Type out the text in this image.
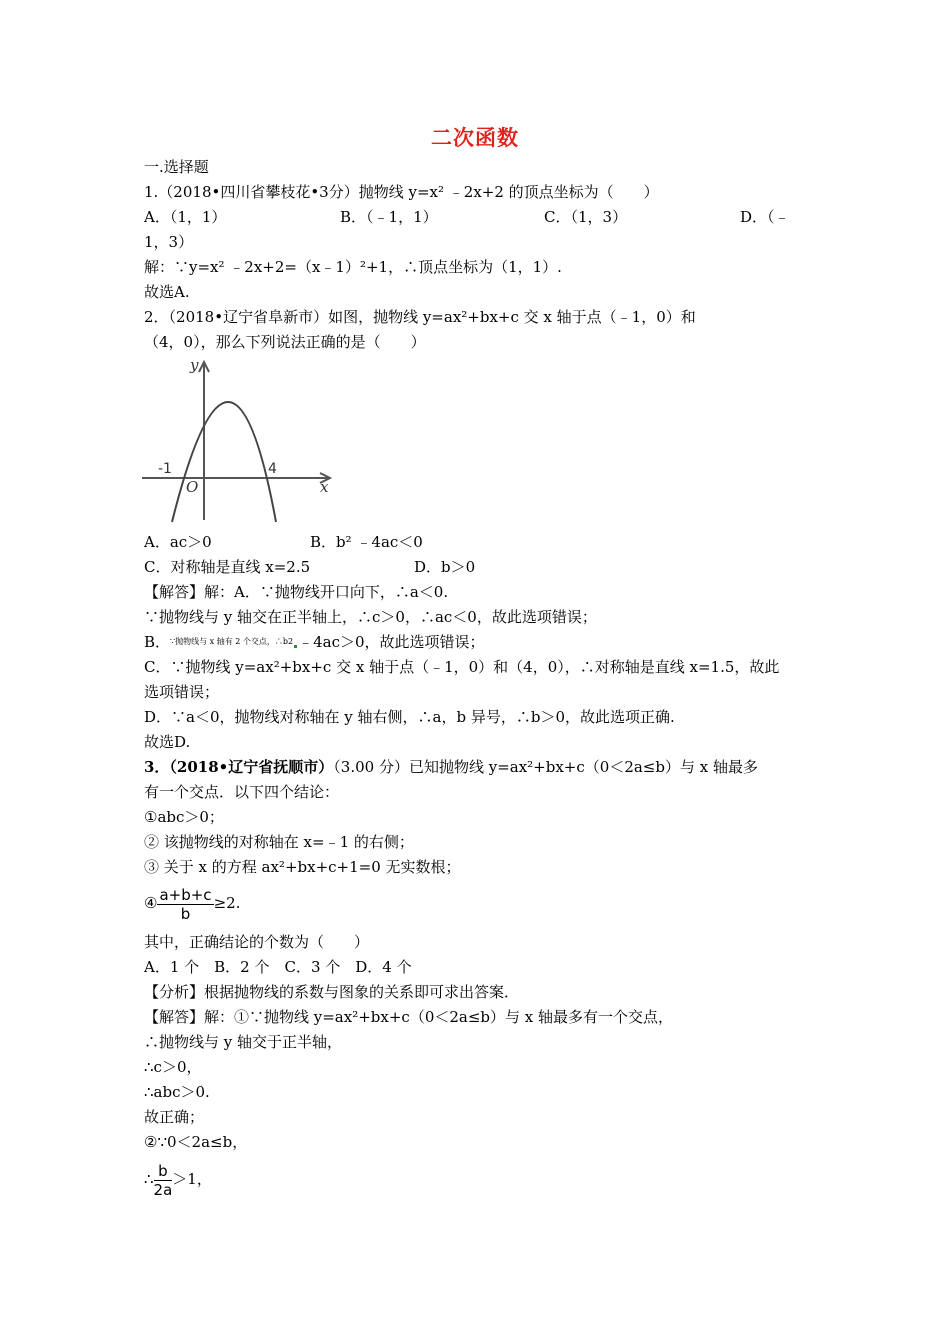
二次函数
一.选择题
1.（2018•四川省攀枝花•3分）抛物线 y=x² ﹣2x+2 的顶点坐标为（　　）
A．（1，1）	B．（﹣1，1）	C．（1，3）	D．（﹣
1，3）
解：∵y=x² ﹣2x+2=（x﹣1）²+1，∴顶点坐标为（1，1）.
故选A.
2．（2018•辽宁省阜新市）如图，抛物线 y=ax²+bx+c 交 x 轴于点（﹣1，0）和
（4，0），那么下列说法正确的是（　　）
y
x
O
-1	4
A．ac＞0	B．b² ﹣4ac＜0
C．对称轴是直线 x=2.5	D．b＞0
【解答】解：A．∵抛物线开口向下，∴a＜0.
∵抛物线与 y 轴交在正半轴上，∴c＞0，∴ac＜0，故此选项错误；
B．$^{\because 抛物线与 x 轴有 2 个交点,\therefore b2}$ ﹣4ac＞0，故此选项错误；
C．∵抛物线 y=ax²+bx+c 交 x 轴于点（﹣1，0）和（4，0），∴对称轴是直线 x=1.5，故此
选项错误；
D．∵a＜0，抛物线对称轴在 y 轴右侧，∴a，b 异号，∴b＞0，故此选项正确.
故选D.
3．（2018•辽宁省抚顺市）（3.00 分）已知抛物线 y=ax²+bx+c（0＜2a≤b）与 x 轴最多
有一个交点．以下四个结论：
①abc＞0；
② 该抛物线的对称轴在 x=﹣1 的右侧；
③ 关于 x 的方程 ax²+bx+c+1=0 无实数根；
④ $\frac{a+b+c}{b} \ge 2$.
其中，正确结论的个数为（　　）
A．1 个　B．2 个　C．3 个　D．4 个
【分析】根据抛物线的系数与图象的关系即可求出答案．
【解答】解：①∵抛物线 y=ax²+bx+c（0＜2a≤b）与 x 轴最多有一个交点，
∴抛物线与 y 轴交于正半轴，
∴c＞0，
∴abc＞0.
故正确；
②∵0＜2a≤b，
∴ $\frac{b}{2a} >1$，
